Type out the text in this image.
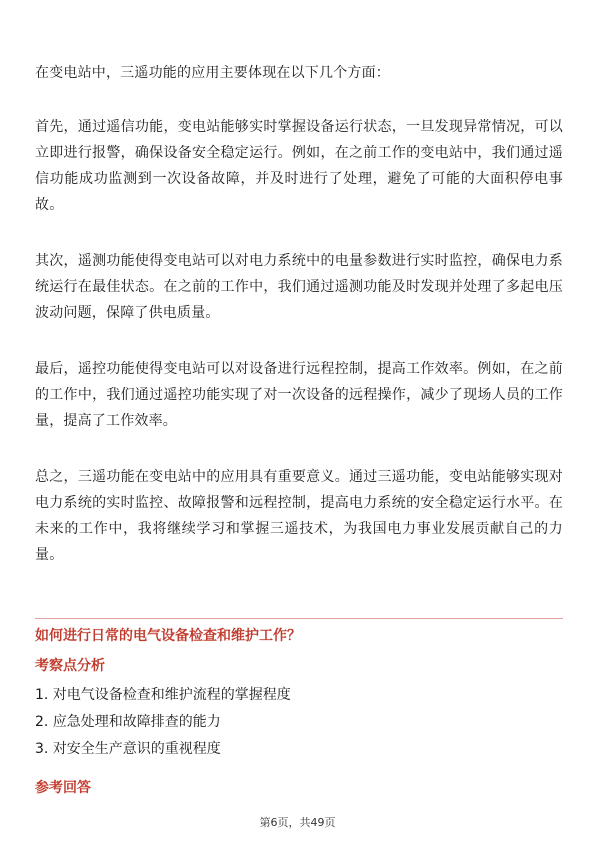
在变电站中，三遥功能的应用主要体现在以下几个方面：

首先，通过遥信功能，变电站能够实时掌握设备运行状态，一旦发现异常情况，可以立即进行报警，确保设备安全稳定运行。例如，在之前工作的变电站中，我们通过遥信功能成功监测到一次设备故障，并及时进行了处理，避免了可能的大面积停电事故。

其次，遥测功能使得变电站可以对电力系统中的电量参数进行实时监控，确保电力系统运行在最佳状态。在之前的工作中，我们通过遥测功能及时发现并处理了多起电压波动问题，保障了供电质量。

最后，遥控功能使得变电站可以对设备进行远程控制，提高工作效率。例如，在之前的工作中，我们通过遥控功能实现了对一次设备的远程操作，减少了现场人员的工作量，提高了工作效率。

总之，三遥功能在变电站中的应用具有重要意义。通过三遥功能，变电站能够实现对电力系统的实时监控、故障报警和远程控制，提高电力系统的安全稳定运行水平。在未来的工作中，我将继续学习和掌握三遥技术，为我国电力事业发展贡献自己的力量。

如何进行日常的电气设备检查和维护工作？
考察点分析
1. 对电气设备检查和维护流程的掌握程度
2. 应急处理和故障排查的能力
3. 对安全生产意识的重视程度
参考回答
第6页，共49页
